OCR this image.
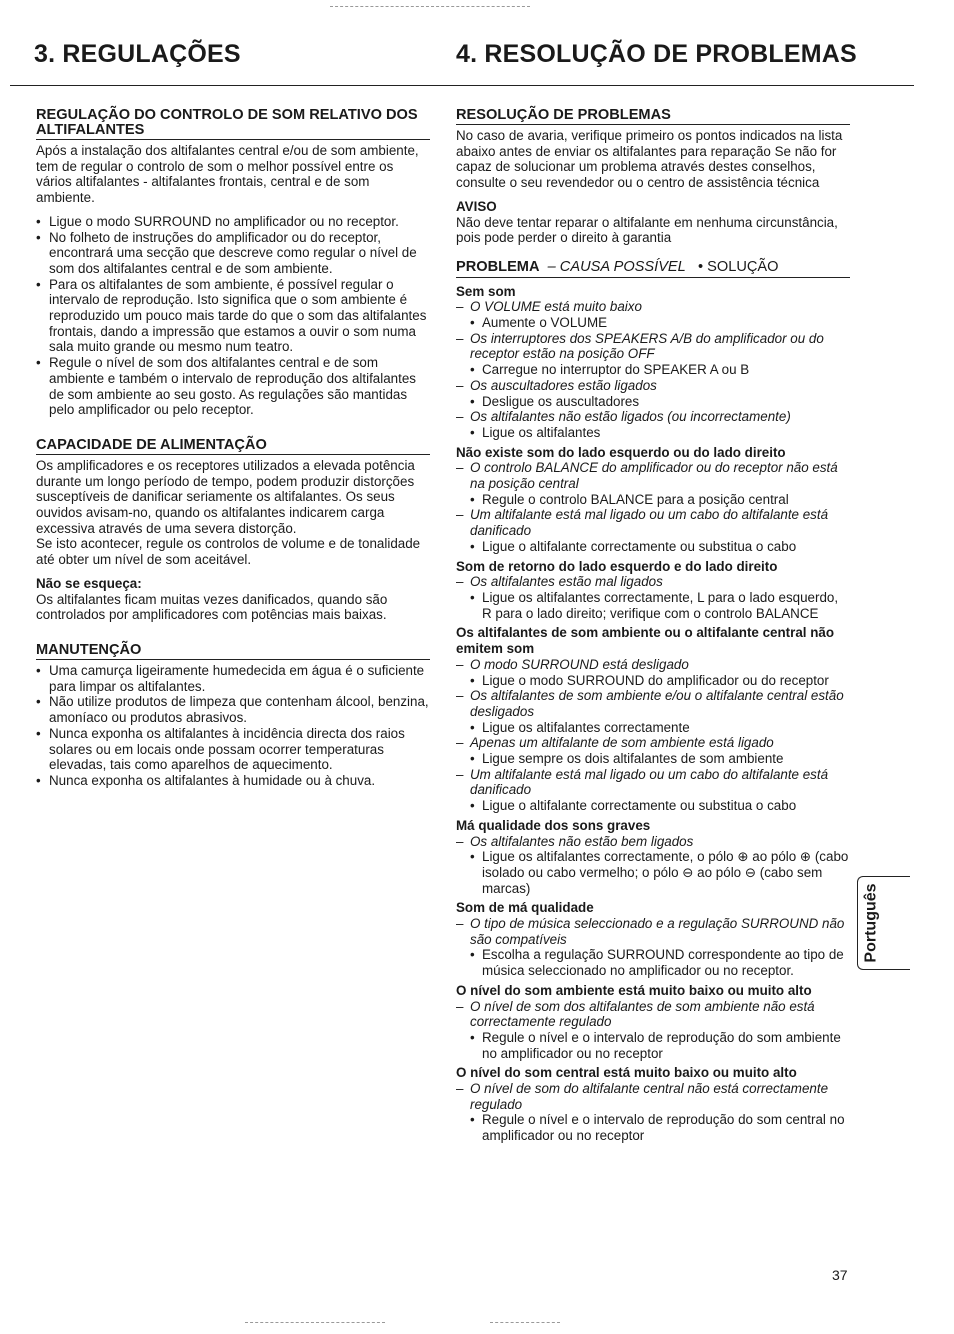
3. REGULAÇÕES	4. RESOLUÇÃO DE PROBLEMAS
REGULAÇÃO DO CONTROLO DE SOM RELATIVO DOS ALTIFALANTES

Após a instalação dos altifalantes central e/ou de som ambiente, tem de regular o controlo de som o melhor possível entre os vários altifalantes - altifalantes frontais, central e de som ambiente.

• Ligue o modo SURROUND no amplificador ou no receptor.
• No folheto de instruções do amplificador ou do receptor, encontrará uma secção que descreve como regular o nível de som dos altifalantes central e de som ambiente.
• Para os altifalantes de som ambiente, é possível regular o intervalo de reprodução. Isto significa que o som ambiente é reproduzido um pouco mais tarde do que o som das altifalantes frontais, dando a impressão que estamos a ouvir o som numa sala muito grande ou mesmo num teatro.
• Regule o nível de som dos altifalantes central e de som ambiente e também o intervalo de reprodução dos altifalantes de som ambiente ao seu gosto. As regulações são mantidas pelo amplificador ou pelo receptor.
CAPACIDADE DE ALIMENTAÇÃO

Os amplificadores e os receptores utilizados a elevada potência durante um longo período de tempo, podem produzir distorções susceptíveis de danificar seriamente os altifalantes. Os seus ouvidos avisam-no, quando os altifalantes indicarem carga excessiva através de uma severa distorção.

Se isto acontecer, regule os controlos de volume e de tonalidade até obter um nível de som aceitável.

Não se esqueça:

Os altifalantes ficam muitas vezes danificados, quando são controlados por amplificadores com potências mais baixas.

MANUTENÇÃO
• Uma camurça ligeiramente humedecida em água é o suficiente para limpar os altifalantes.
• Não utilize produtos de limpeza que contenham álcool, benzina, amoníaco ou produtos abrasivos.
• Nunca exponha os altifalantes à incidência directa dos raios solares ou em locais onde possam ocorrer temperaturas elevadas, tais como aparelhos de aquecimento.
• Nunca exponha os altifalantes à humidade ou à chuva.
RESOLUÇÃO DE PROBLEMAS

No caso de avaria, verifique primeiro os pontos indicados na lista abaixo antes de enviar os altifalantes para reparação Se não for capaz de solucionar um problema através destes conselhos, consulte o seu revendedor ou o centro de assistência técnica

AVISO

Não deve tentar reparar o altifalante em nenhuma circunstância, pois pode perder o direito à garantia

PROBLEMA – CAUSA POSSÍVEL • SOLUÇÃO
Sem som
– O VOLUME está muito baixo
• Aumente o VOLUME
– Os interruptores dos SPEAKERS A/B do amplificador ou do receptor estão na posição OFF
• Carregue no interruptor do SPEAKER A ou B
– Os auscultadores estão ligados
• Desligue os auscultadores
– Os altifalantes não estão ligados (ou incorrectamente)
• Ligue os altifalantes
Não existe som do lado esquerdo ou do lado direito
– O controlo BALANCE do amplificador ou do receptor não está na posição central
• Regule o controlo BALANCE para a posição central
– Um altifalante está mal ligado ou um cabo do altifalante está danificado
• Ligue o altifalante correctamente ou substitua o cabo
Som de retorno do lado esquerdo e do lado direito
– Os altifalantes estão mal ligados
• Ligue os altifalantes correctamente, L para o lado esquerdo, R para o lado direito; verifique com o controlo BALANCE
Os altifalantes de som ambiente ou o altifalante central não emitem som
– O modo SURROUND está desligado
• Ligue o modo SURROUND do amplificador ou do receptor
– Os altifalantes de som ambiente e/ou o altifalante central estão desligados
• Ligue os altifalantes correctamente
– Apenas um altifalante de som ambiente está ligado
• Ligue sempre os dois altifalantes de som ambiente
– Um altifalante está mal ligado ou um cabo do altifalante está danificado
• Ligue o altifalante correctamente ou substitua o cabo
Má qualidade dos sons graves
– Os altifalantes não estão bem ligados
• Ligue os altifalantes correctamente, o pólo ⊕ ao pólo ⊕ (cabo isolado ou cabo vermelho; o pólo ⊖ ao pólo ⊖ (cabo sem marcas)
Som de má qualidade
– O tipo de música seleccionado e a regulação SURROUND não são compatíveis
• Escolha a regulação SURROUND correspondente ao tipo de música seleccionado no amplificador ou no receptor.
O nível do som ambiente está muito baixo ou muito alto
– O nível de som dos altifalantes de som ambiente não está correctamente regulado
• Regule o nível e o intervalo de reprodução do som ambiente no amplificador ou no receptor
O nível do som central está muito baixo ou muito alto
– O nível de som do altifalante central não está correctamente regulado
• Regule o nível e o intervalo de reprodução do som central no amplificador ou no receptor
Português
37
